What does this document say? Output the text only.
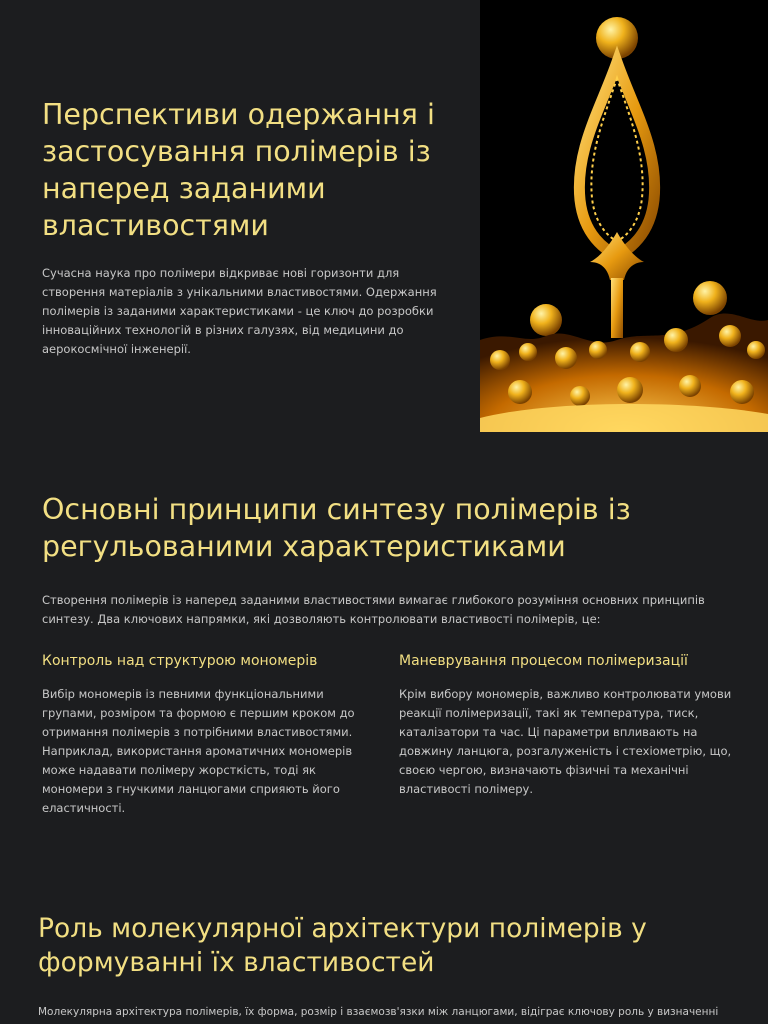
Перспективи одержання і застосування полімерів із наперед заданими властивостями

Сучасна наука про полімери відкриває нові горизонти для створення матеріалів з унікальними властивостями. Одержання полімерів із заданими характеристиками - це ключ до розробки інноваційних технологій в різних галузях, від медицини до аерокосмічної інженерії.

Основні принципи синтезу полімерів із регульованими характеристиками

Створення полімерів із наперед заданими властивостями вимагає глибокого розуміння основних принципів синтезу. Два ключових напрямки, які дозволяють контролювати властивості полімерів, це:

Контроль над структурою мономерів

Вибір мономерів із певними функціональними групами, розміром та формою є першим кроком до отримання полімерів з потрібними властивостями. Наприклад, використання ароматичних мономерів може надавати полімеру жорсткість, тоді як мономери з гнучкими ланцюгами сприяють його еластичності.

Маневрування процесом полімеризації

Крім вибору мономерів, важливо контролювати умови реакції полімеризації, такі як температура, тиск, каталізатори та час. Ці параметри впливають на довжину ланцюга, розгалуженість і стехіометрію, що, своєю чергою, визначають фізичні та механічні властивості полімеру.

Роль молекулярної архітектури полімерів у формуванні їх властивостей

Молекулярна архітектура полімерів, їх форма, розмір і взаємозв'язки між ланцюгами, відіграє ключову роль у визначенні
